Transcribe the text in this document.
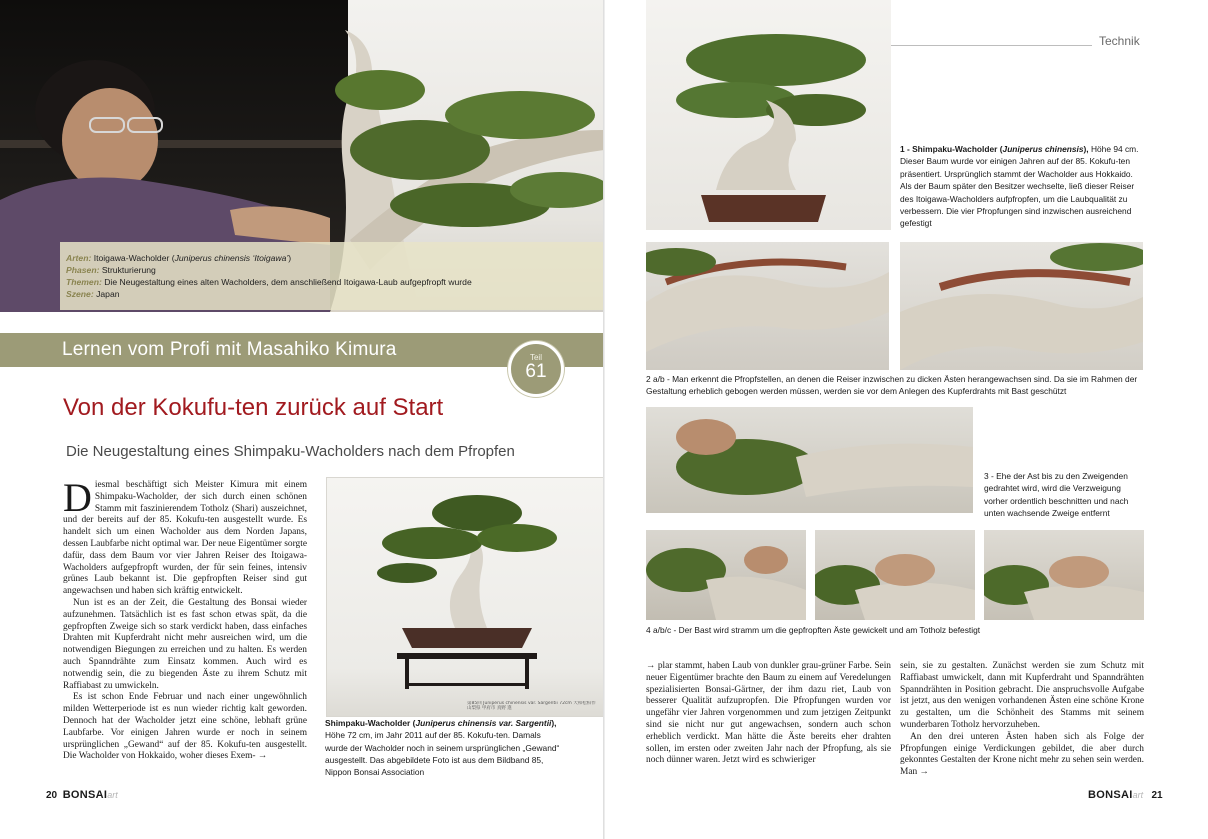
Arten: Itoigawa-Wacholder (Juniperus chinensis ‘Itoigawa’)
Phasen: Strukturierung
Themen: Die Neugestaltung eines alten Wacholders, dem anschließend Itoigawa-Laub aufgepfropft wurde
Szene: Japan
Lernen vom Profi mit Masahiko Kimura	Teil
61
Von der Kokufu-ten zurück auf Start
Die Neugestaltung eines Shimpaku-Wacholders nach dem Pfropfen

Diesmal beschäftigt sich Meister Kimura mit einem Shimpaku-Wacholder, der sich durch einen schönen Stamm mit faszinierendem Totholz (Shari) auszeichnet, und der bereits auf der 85. Kokufu-ten ausgestellt wurde. Es handelt sich um einen Wacholder aus dem Norden Japans, dessen Laubfarbe nicht optimal war. Der neue Eigentümer sorgte dafür, dass dem Baum vor vier Jahren Reiser des Itoigawa-Wacholders aufgepfropft wurden, der für sein feines, intensiv grünes Laub bekannt ist. Die gepfropften Reiser sind gut angewachsen und haben sich kräftig entwickelt.

Nun ist es an der Zeit, die Gestaltung des Bonsai wieder aufzunehmen. Tatsächlich ist es fast schon etwas spät, da die gepfropften Zweige sich so stark verdickt haben, dass einfaches Drahten mit Kupferdraht nicht mehr ausreichen wird, um die notwendigen Biegungen zu erreichen und zu halten. Es werden auch Spanndrähte zum Einsatz kommen. Auch wird es notwendig sein, die zu biegenden Äste zu ihrem Schutz mit Raffiabast zu umwickeln.

Es ist schon Ende Februar und nach einer ungewöhnlich milden Wetterperiode ist es nun wieder richtig kalt geworden. Dennoch hat der Wacholder jetzt eine schöne, lebhaft grüne Laubfarbe. Vor einigen Jahren wurde er noch in seinem ursprünglichen „Gewand“ auf der 85. Kokufu-ten ausgestellt. Die Wacholder von Hokkaido, woher dieses Exem- →

第85回 Juniperus chinensis var. Sargentii 72cm 大和松柏作 山梨県 甲府市 真野 進
Shimpaku-Wacholder (Juniperus chinensis var. Sargentii), Höhe 72 cm, im Jahr 2011 auf der 85. Kokufu-ten. Damals wurde der Wacholder noch in seinem ursprünglichen „Gewand“ ausgestellt. Das abgebildete Foto ist aus dem Bildband 85, Nippon Bonsai Association
20 BONSAIart
Technik
1 - Shimpaku-Wacholder (Juniperus chinensis), Höhe 94 cm. Dieser Baum wurde vor einigen Jahren auf der 85. Kokufu-ten präsentiert. Ursprünglich stammt der Wacholder aus Hokkaido. Als der Baum später den Besitzer wechselte, ließ dieser Reiser des Itoigawa-Wacholders aufpfropfen, um die Laubqualität zu verbessern. Die vier Pfropfungen sind inzwischen ausreichend gefestigt
2 a/b - Man erkennt die Pfropfstellen, an denen die Reiser inzwischen zu dicken Ästen herangewachsen sind. Da sie im Rahmen der Gestaltung erheblich gebogen werden müssen, werden sie vor dem Anlegen des Kupferdrahts mit Bast geschützt
3 - Ehe der Ast bis zu den Zweigenden gedrahtet wird, wird die Verzweigung vorher ordentlich beschnitten und nach unten wachsende Zweige entfernt
4 a/b/c - Der Bast wird stramm um die gepfropften Äste gewickelt und am Totholz befestigt

→ plar stammt, haben Laub von dunkler grau-grüner Farbe. Sein neuer Eigentümer brachte den Baum zu einem auf Veredelungen spezialisierten Bonsai-Gärtner, der ihm dazu riet, Laub von besserer Qualität aufzupropfen. Die Pfropfungen wurden vor ungefähr vier Jahren vorgenommen und zum jetzigen Zeitpunkt sind sie nicht nur gut angewachsen, sondern auch schon erheblich verdickt. Man hätte die Äste bereits eher drahten sollen, im ersten oder zweiten Jahr nach der Pfropfung, als sie noch dünner waren. Jetzt wird es schwieriger

sein, sie zu gestalten. Zunächst werden sie zum Schutz mit Raffiabast umwickelt, dann mit Kupferdraht und Spanndrähten Spanndrähten in Position gebracht. Die anspruchsvolle Aufgabe ist jetzt, aus den wenigen vorhandenen Ästen eine schöne Krone zu gestalten, um die Schönheit des Stamms mit seinem wunderbaren Totholz hervorzuheben.

An den drei unteren Ästen haben sich als Folge der Pfropfungen einige Verdickungen gebildet, die aber durch gekonntes Gestalten der Krone nicht mehr zu sehen sein werden. Man →

BONSAIart 21
